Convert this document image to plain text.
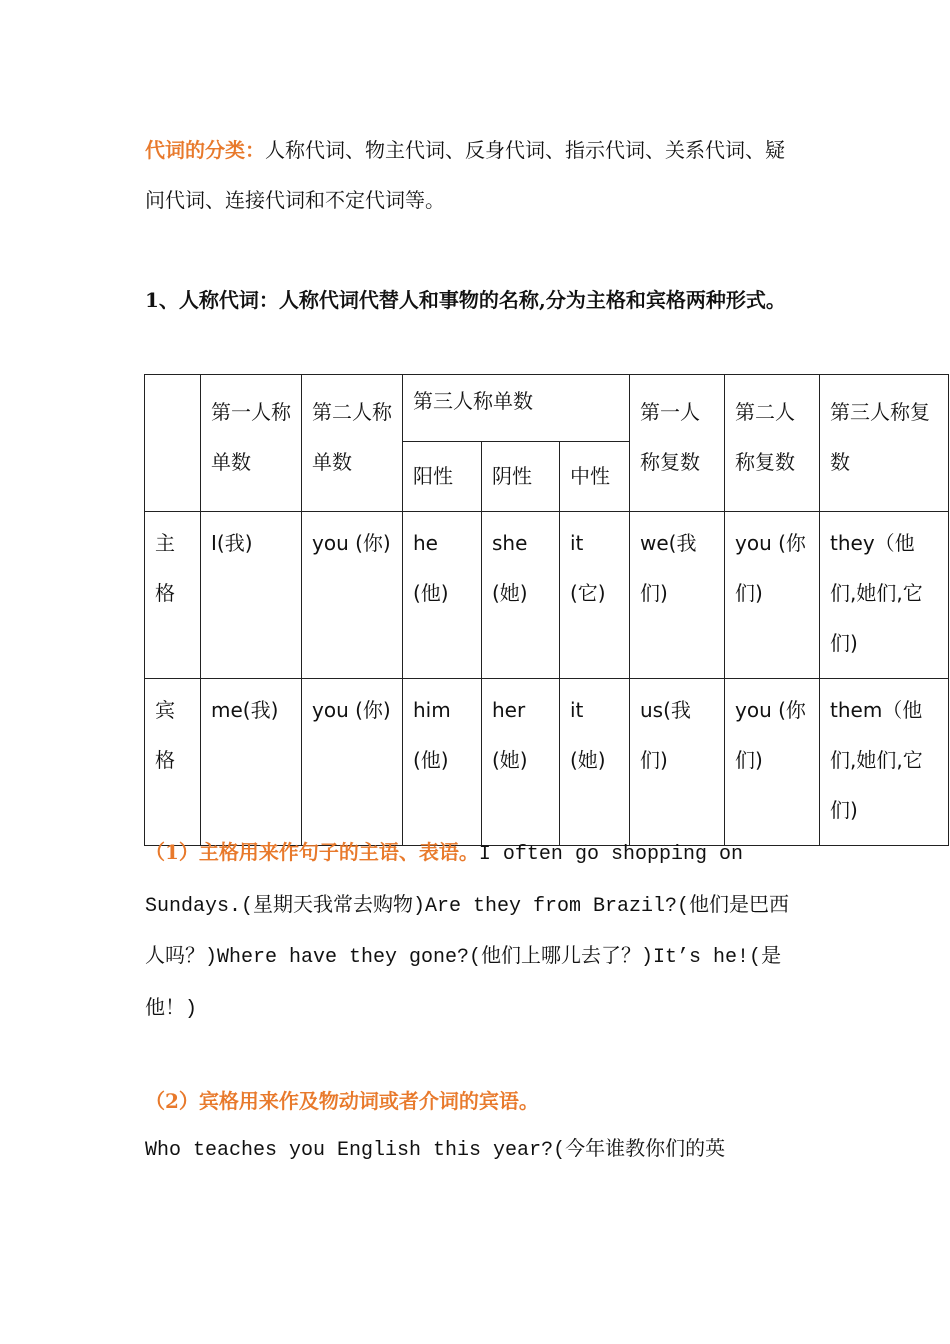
代词的分类：人称代词、物主代词、反身代词、指示代词、关系代词、疑问代词、连接代词和不定代词等。

1、人称代词：人称代词代替人和事物的名称,分为主格和宾格两种形式。

	第一人称单数	第二人称单数	第三人称单数			第一人称复数	第二人称复数	第三人称复数
			阳性	阴性	中性			
主格	I(我)	you (你)	he (他)	she (她)	it (它)	we(我们)	you (你们)	they（他们,她们,它们)
宾格	me(我)	you (你)	him (他)	her (她)	it (她)	us(我们)	you (你们)	them（他们,她们,它们)

（1）主格用来作句子的主语、表语。I often go shopping on Sundays.(星期天我常去购物)Are they from Brazil?(他们是巴西人吗？)Where have they gone?(他们上哪儿去了？)It’s he!(是他！)

（2）宾格用来作及物动词或者介词的宾语。

Who teaches you English this year?(今年谁教你们的英
